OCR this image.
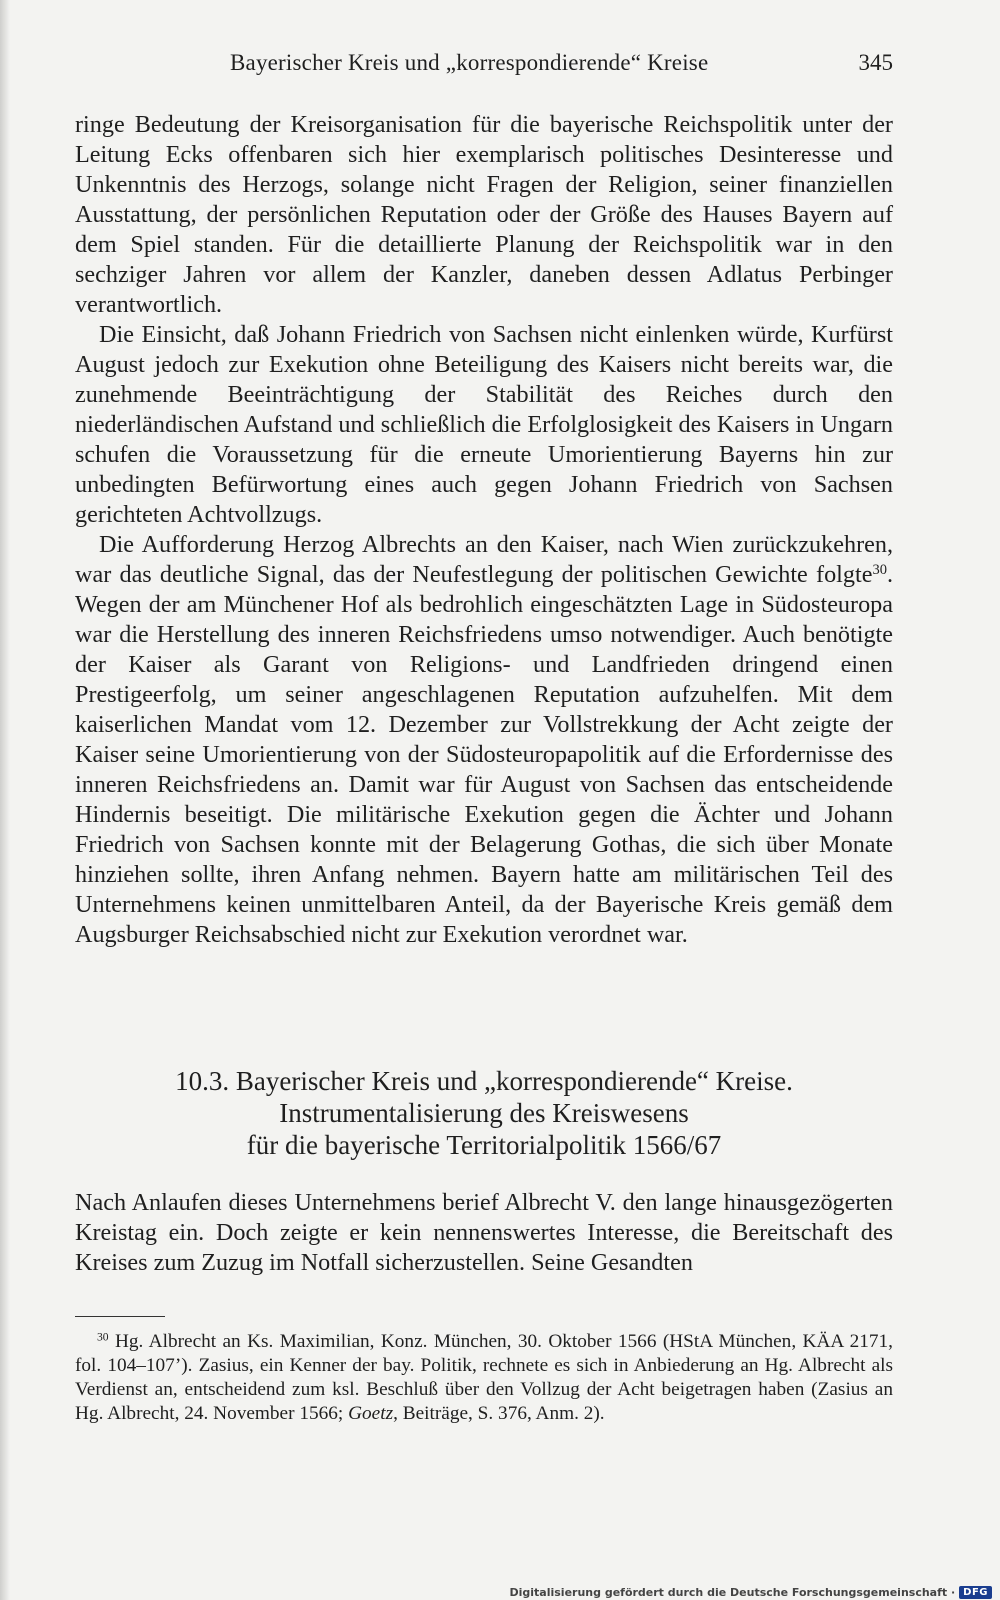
Bayerischer Kreis und „korrespondierende“ Kreise	345

ringe Bedeutung der Kreisorganisation für die bayerische Reichspolitik unter der Leitung Ecks offenbaren sich hier exemplarisch politisches Desinteresse und Unkenntnis des Herzogs, solange nicht Fragen der Religion, seiner finanziellen Ausstattung, der persönlichen Reputation oder der Größe des Hauses Bayern auf dem Spiel standen. Für die detaillierte Planung der Reichspolitik war in den sechziger Jahren vor allem der Kanzler, daneben dessen Adlatus Perbinger verantwortlich.

Die Einsicht, daß Johann Friedrich von Sachsen nicht einlenken würde, Kurfürst August jedoch zur Exekution ohne Beteiligung des Kaisers nicht bereits war, die zunehmende Beeinträchtigung der Stabilität des Reiches durch den niederländischen Aufstand und schließlich die Erfolglosigkeit des Kaisers in Ungarn schufen die Voraussetzung für die erneute Umorientierung Bayerns hin zur unbedingten Befürwortung eines auch gegen Johann Friedrich von Sachsen gerichteten Achtvollzugs.

Die Aufforderung Herzog Albrechts an den Kaiser, nach Wien zurückzukehren, war das deutliche Signal, das der Neufestlegung der politischen Gewichte folgte$^{30}$. Wegen der am Münchener Hof als bedrohlich eingeschätzten Lage in Südosteuropa war die Herstellung des inneren Reichsfriedens umso notwendiger. Auch benötigte der Kaiser als Garant von Religions- und Landfrieden dringend einen Prestigeerfolg, um seiner angeschlagenen Reputation aufzuhelfen. Mit dem kaiserlichen Mandat vom 12. Dezember zur Vollstrekkung der Acht zeigte der Kaiser seine Umorientierung von der Südosteuropapolitik auf die Erfordernisse des inneren Reichsfriedens an. Damit war für August von Sachsen das entscheidende Hindernis beseitigt. Die militärische Exekution gegen die Ächter und Johann Friedrich von Sachsen konnte mit der Belagerung Gothas, die sich über Monate hinziehen sollte, ihren Anfang nehmen. Bayern hatte am militärischen Teil des Unternehmens keinen unmittelbaren Anteil, da der Bayerische Kreis gemäß dem Augsburger Reichsabschied nicht zur Exekution verordnet war.

10.3. Bayerischer Kreis und „korrespondierende“ Kreise.
Instrumentalisierung des Kreiswesens
für die bayerische Territorialpolitik 1566/67

Nach Anlaufen dieses Unternehmens berief Albrecht V. den lange hinausgezögerten Kreistag ein. Doch zeigte er kein nennenswertes Interesse, die Bereitschaft des Kreises zum Zuzug im Notfall sicherzustellen. Seine Gesandten

$^{30}$ Hg. Albrecht an Ks. Maximilian, Konz. München, 30. Oktober 1566 (HStA München, KÄA 2171, fol. 104–107’). Zasius, ein Kenner der bay. Politik, rechnete es sich in Anbiederung an Hg. Albrecht als Verdienst an, entscheidend zum ksl. Beschluß über den Vollzug der Acht beigetragen haben (Zasius an Hg. Albrecht, 24. November 1566; Goetz, Beiträge, S. 376, Anm. 2).
Digitalisierung gefördert durch die Deutsche Forschungsgemeinschaft · DFG
